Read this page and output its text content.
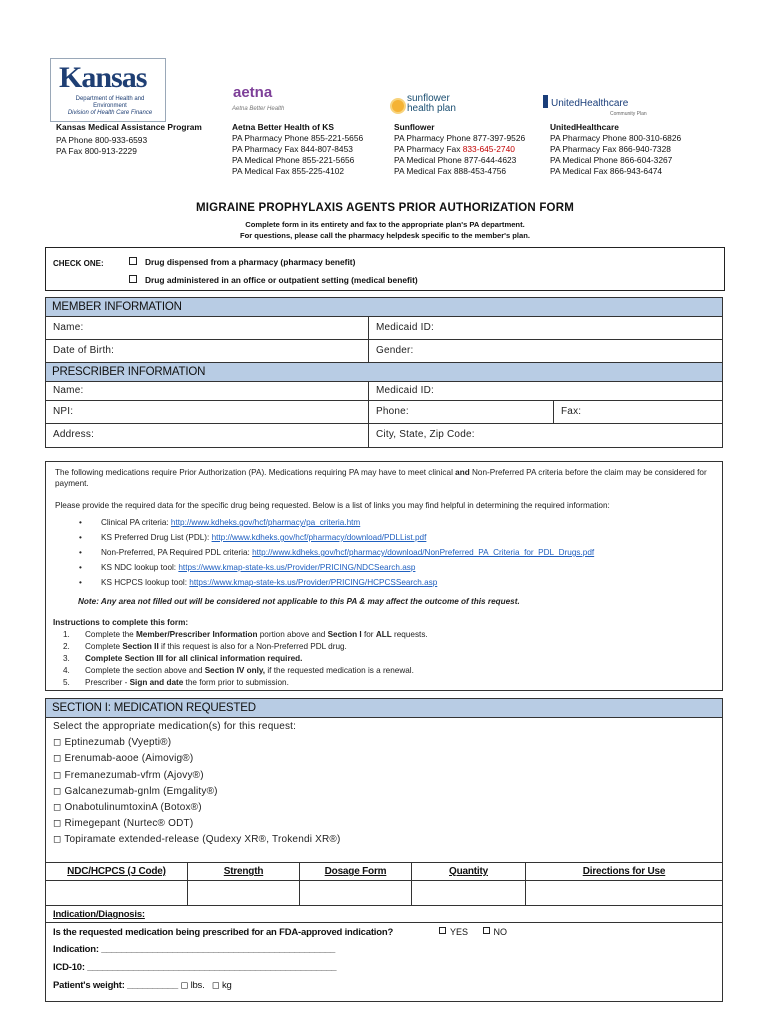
Kansas
Department of Health and Environment
Division of Health Care Finance
aetna
Aetna Better Health
sunflower
health plan	UnitedHealthcare
Community Plan
Kansas Medical Assistance Program
PA Phone 800-933-6593
PA Fax 800-913-2229
Aetna Better Health of KS
PA Pharmacy Phone 855-221-5656
PA Pharmacy Fax 844-807-8453
PA Medical Phone 855-221-5656
PA Medical Fax 855-225-4102
Sunflower
PA Pharmacy Phone 877-397-9526
PA Pharmacy Fax 833-645-2740
PA Medical Phone 877-644-4623
PA Medical Fax 888-453-4756
UnitedHealthcare
PA Pharmacy Phone 800-310-6826
PA Pharmacy Fax 866-940-7328
PA Medical Phone 866-604-3267
PA Medical Fax 866-943-6474
MIGRAINE PROPHYLAXIS AGENTS PRIOR AUTHORIZATION FORM
Complete form in its entirety and fax to the appropriate plan's PA department.
For questions, please call the pharmacy helpdesk specific to the member's plan.
CHECK ONE:	Drug dispensed from a pharmacy (pharmacy benefit)
Drug administered in an office or outpatient setting (medical benefit)
MEMBER INFORMATION
Name:	Medicaid ID:
Date of Birth:	Gender:
PRESCRIBER INFORMATION
Name:	Medicaid ID:
NPI:	Phone:	Fax:
Address:	City, State, Zip Code:

The following medications require Prior Authorization (PA). Medications requiring PA may have to meet clinical and Non-Preferred PA criteria before the claim may be considered for payment.

Please provide the required data for the specific drug being requested. Below is a list of links you may find helpful in determining the required information:

• Clinical PA criteria: http://www.kdheks.gov/hcf/pharmacy/pa_criteria.htm
• KS Preferred Drug List (PDL): http://www.kdheks.gov/hcf/pharmacy/download/PDLList.pdf
• Non-Preferred, PA Required PDL criteria: http://www.kdheks.gov/hcf/pharmacy/download/NonPreferred_PA_Criteria_for_PDL_Drugs.pdf
• KS NDC lookup tool: https://www.kmap-state-ks.us/Provider/PRICING/NDCSearch.asp
• KS HCPCS lookup tool: https://www.kmap-state-ks.us/Provider/PRICING/HCPCSSearch.asp
Note: Any area not filled out will be considered not applicable to this PA & may affect the outcome of this request.
Instructions to complete this form:
1. Complete the Member/Prescriber Information portion above and Section I for ALL requests.
2. Complete Section II if this request is also for a Non-Preferred PDL drug.
3. Complete Section III for all clinical information required.
4. Complete the section above and Section IV only, if the requested medication is a renewal.
5. Prescriber - Sign and date the form prior to submission.
SECTION I: MEDICATION REQUESTED
Select the appropriate medication(s) for this request:
◻ Eptinezumab (Vyepti®)
◻ Erenumab-aooe (Aimovig®)
◻ Fremanezumab-vfrm (Ajovy®)
◻ Galcanezumab-gnlm (Emgality®)
◻ OnabotulinumtoxinA (Botox®)
◻ Rimegepant (Nurtec® ODT)
◻ Topiramate extended-release (Qudexy XR®, Trokendi XR®)
NDC/HCPCS (J Code)	Strength	Dosage Form	Quantity	Directions for Use
Indication/Diagnosis:
Is the requested medication being prescribed for an FDA-approved indication?	YES	NO
Indication: ______________________________________________
ICD-10: _________________________________________________
Patient's weight: __________ ◻ lbs. ◻ kg
